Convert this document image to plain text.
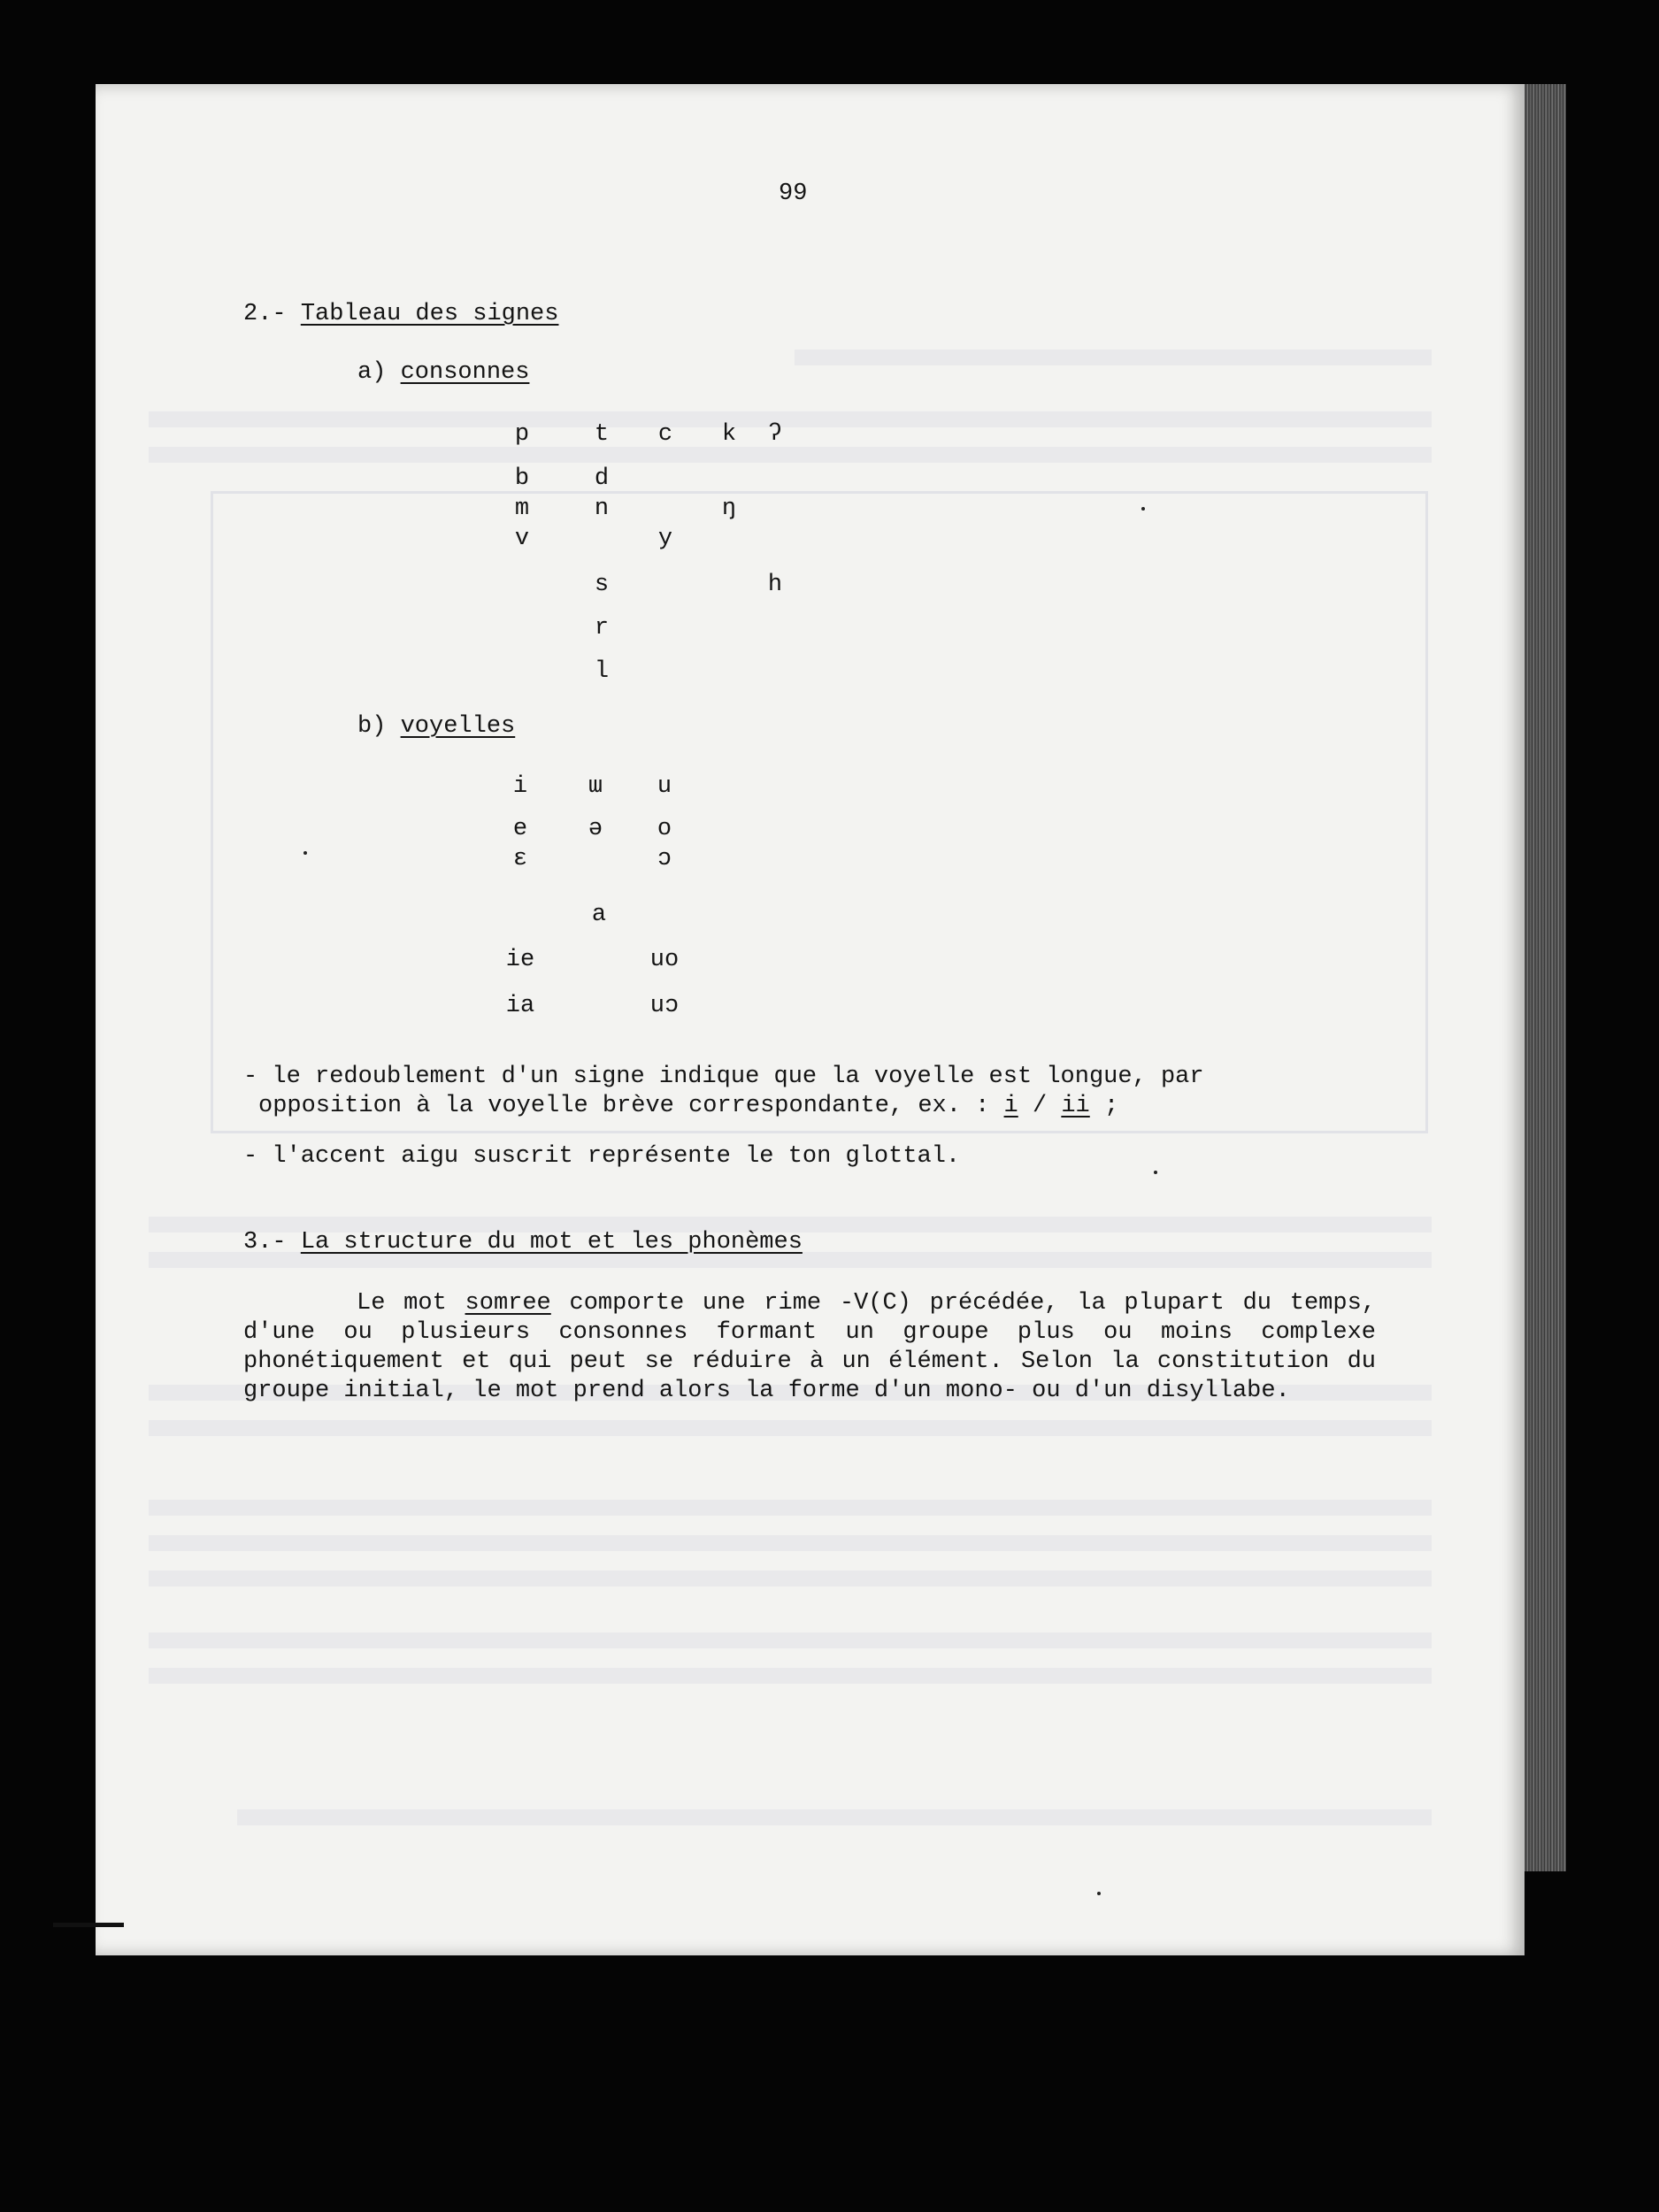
99
2.- Tableau des signes
a) consonnes
p
b
m
v
t
d
n
s
r
l
c
y
k
ŋ
ʔ
h
b) voyelles
i
e
ɛ
ɯ
ə
a
u
o
ɔ
ie
ia
uo
uɔ
- le redoublement d'un signe indique que la voyelle est longue, par
opposition à la voyelle brève correspondante, ex. : i / ii ;
- l'accent aigu suscrit représente le ton glottal.
3.- La structure du mot et les phonèmes
Le mot somree comporte une rime -V(C) précédée, la plupart du temps, d'une ou plusieurs consonnes formant un groupe plus ou moins complexe phonétiquement et qui peut se réduire à un élément. Selon la constitution du groupe initial, le mot prend alors la forme d'un mono- ou d'un disyllabe.
